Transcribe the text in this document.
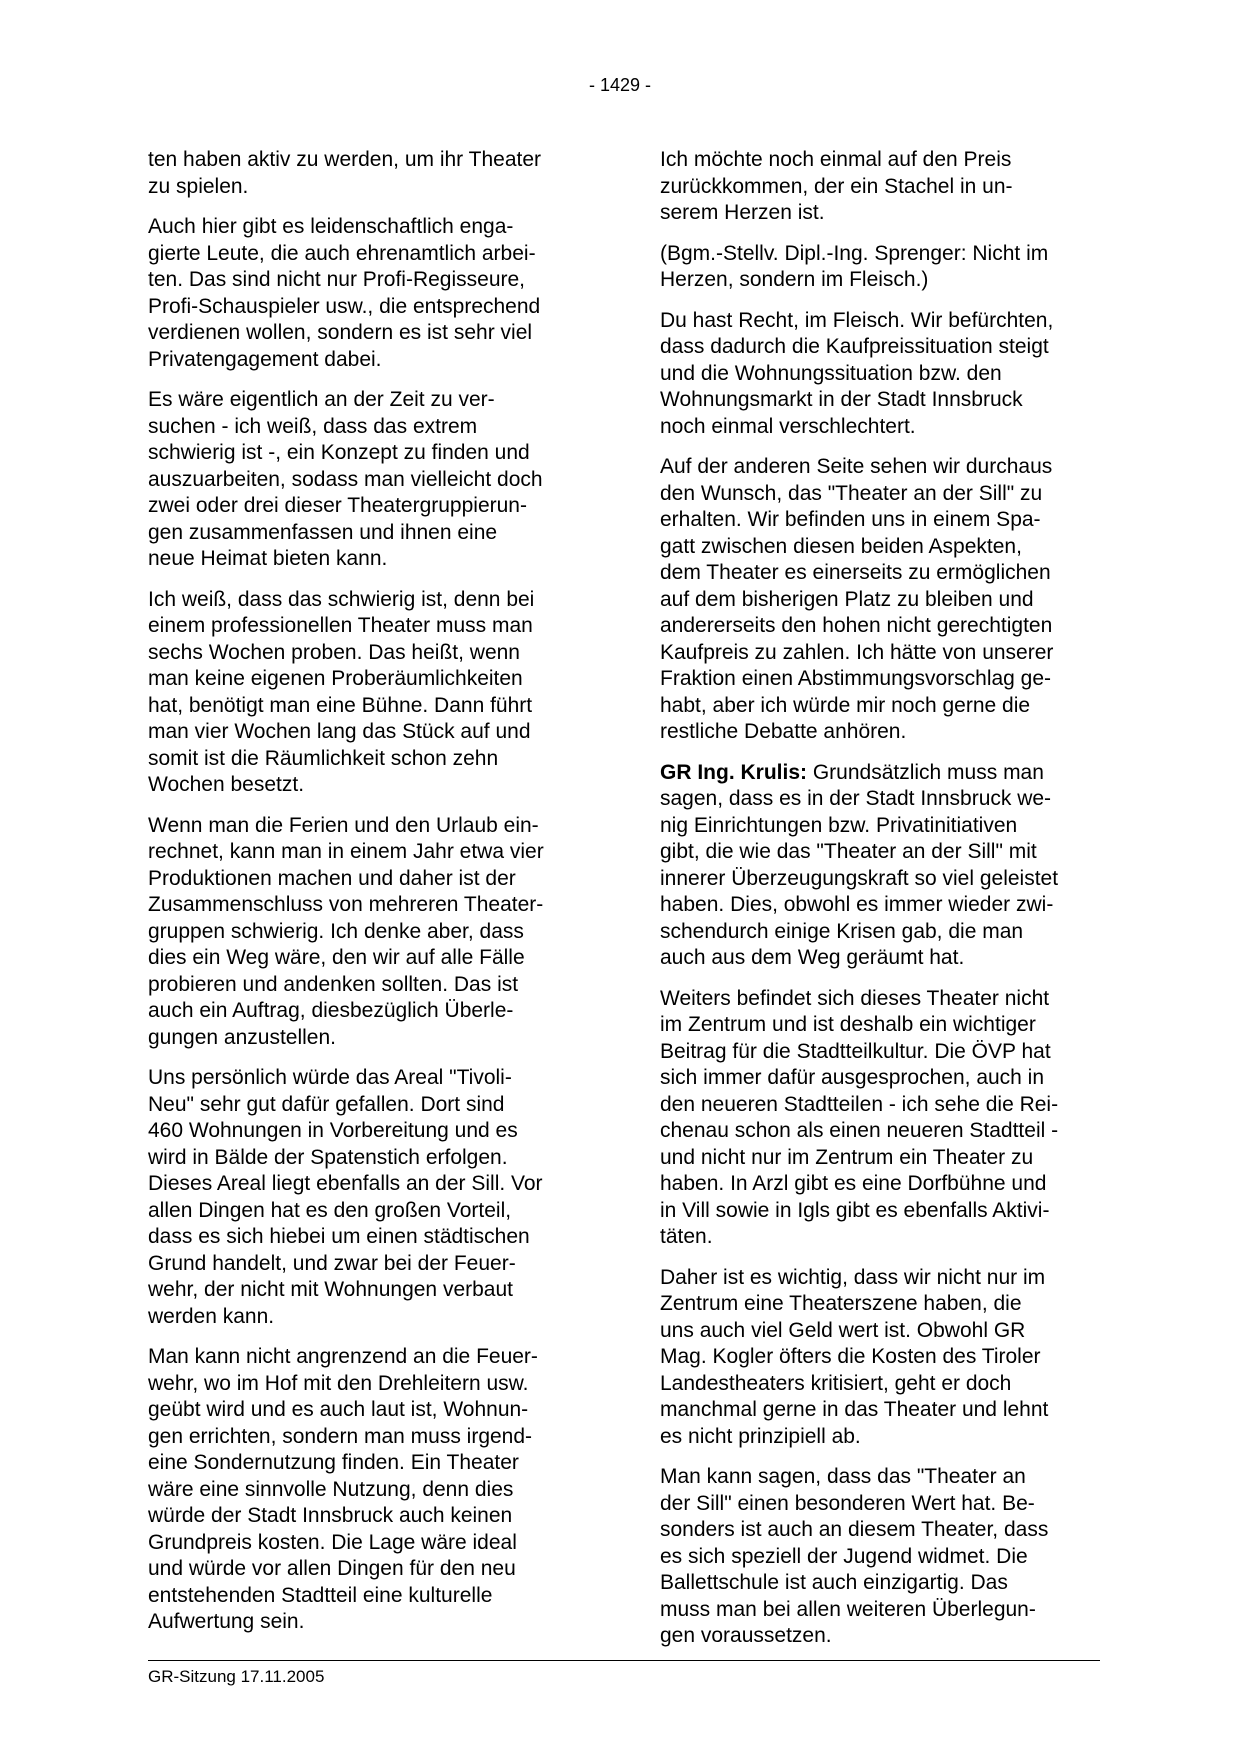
- 1429 -

ten haben aktiv zu werden, um ihr Theater
zu spielen.

Auch hier gibt es leidenschaftlich enga-
gierte Leute, die auch ehrenamtlich arbei-
ten. Das sind nicht nur Profi-Regisseure,
Profi-Schauspieler usw., die entsprechend
verdienen wollen, sondern es ist sehr viel
Privatengagement dabei.

Es wäre eigentlich an der Zeit zu ver-
suchen - ich weiß, dass das extrem
schwierig ist -, ein Konzept zu finden und
auszuarbeiten, sodass man vielleicht doch
zwei oder drei dieser Theatergruppierun-
gen zusammenfassen und ihnen eine
neue Heimat bieten kann.

Ich weiß, dass das schwierig ist, denn bei
einem professionellen Theater muss man
sechs Wochen proben. Das heißt, wenn
man keine eigenen Proberäumlichkeiten
hat, benötigt man eine Bühne. Dann führt
man vier Wochen lang das Stück auf und
somit ist die Räumlichkeit schon zehn
Wochen besetzt.

Wenn man die Ferien und den Urlaub ein-
rechnet, kann man in einem Jahr etwa vier
Produktionen machen und daher ist der
Zusammenschluss von mehreren Theater-
gruppen schwierig. Ich denke aber, dass
dies ein Weg wäre, den wir auf alle Fälle
probieren und andenken sollten. Das ist
auch ein Auftrag, diesbezüglich Überle-
gungen anzustellen.

Uns persönlich würde das Areal "Tivoli-
Neu" sehr gut dafür gefallen. Dort sind
460 Wohnungen in Vorbereitung und es
wird in Bälde der Spatenstich erfolgen.
Dieses Areal liegt ebenfalls an der Sill. Vor
allen Dingen hat es den großen Vorteil,
dass es sich hiebei um einen städtischen
Grund handelt, und zwar bei der Feuer-
wehr, der nicht mit Wohnungen verbaut
werden kann.

Man kann nicht angrenzend an die Feuer-
wehr, wo im Hof mit den Drehleitern usw.
geübt wird und es auch laut ist, Wohnun-
gen errichten, sondern man muss irgend-
eine Sondernutzung finden. Ein Theater
wäre eine sinnvolle Nutzung, denn dies
würde der Stadt Innsbruck auch keinen
Grundpreis kosten. Die Lage wäre ideal
und würde vor allen Dingen für den neu
entstehenden Stadtteil eine kulturelle
Aufwertung sein.

Ich möchte noch einmal auf den Preis
zurückkommen, der ein Stachel in un-
serem Herzen ist.

(Bgm.-Stellv. Dipl.-Ing. Sprenger: Nicht im
Herzen, sondern im Fleisch.)

Du hast Recht, im Fleisch. Wir befürchten,
dass dadurch die Kaufpreissituation steigt
und die Wohnungssituation bzw. den
Wohnungsmarkt in der Stadt Innsbruck
noch einmal verschlechtert.

Auf der anderen Seite sehen wir durchaus
den Wunsch, das "Theater an der Sill" zu
erhalten. Wir befinden uns in einem Spa-
gatt zwischen diesen beiden Aspekten,
dem Theater es einerseits zu ermöglichen
auf dem bisherigen Platz zu bleiben und
andererseits den hohen nicht gerechtigten
Kaufpreis zu zahlen. Ich hätte von unserer
Fraktion einen Abstimmungsvorschlag ge-
habt, aber ich würde mir noch gerne die
restliche Debatte anhören.

GR Ing. Krulis: Grundsätzlich muss man
sagen, dass es in der Stadt Innsbruck we-
nig Einrichtungen bzw. Privatinitiativen
gibt, die wie das "Theater an der Sill" mit
innerer Überzeugungskraft so viel geleistet
haben. Dies, obwohl es immer wieder zwi-
schendurch einige Krisen gab, die man
auch aus dem Weg geräumt hat.

Weiters befindet sich dieses Theater nicht
im Zentrum und ist deshalb ein wichtiger
Beitrag für die Stadtteilkultur. Die ÖVP hat
sich immer dafür ausgesprochen, auch in
den neueren Stadtteilen - ich sehe die Rei-
chenau schon als einen neueren Stadtteil -
und nicht nur im Zentrum ein Theater zu
haben. In Arzl gibt es eine Dorfbühne und
in Vill sowie in Igls gibt es ebenfalls Aktivi-
täten.

Daher ist es wichtig, dass wir nicht nur im
Zentrum eine Theaterszene haben, die
uns auch viel Geld wert ist. Obwohl GR
Mag. Kogler öfters die Kosten des Tiroler
Landestheaters kritisiert, geht er doch
manchmal gerne in das Theater und lehnt
es nicht prinzipiell ab.

Man kann sagen, dass das "Theater an
der Sill" einen besonderen Wert hat. Be-
sonders ist auch an diesem Theater, dass
es sich speziell der Jugend widmet. Die
Ballettschule ist auch einzigartig. Das
muss man bei allen weiteren Überlegun-
gen voraussetzen.

GR-Sitzung 17.11.2005
